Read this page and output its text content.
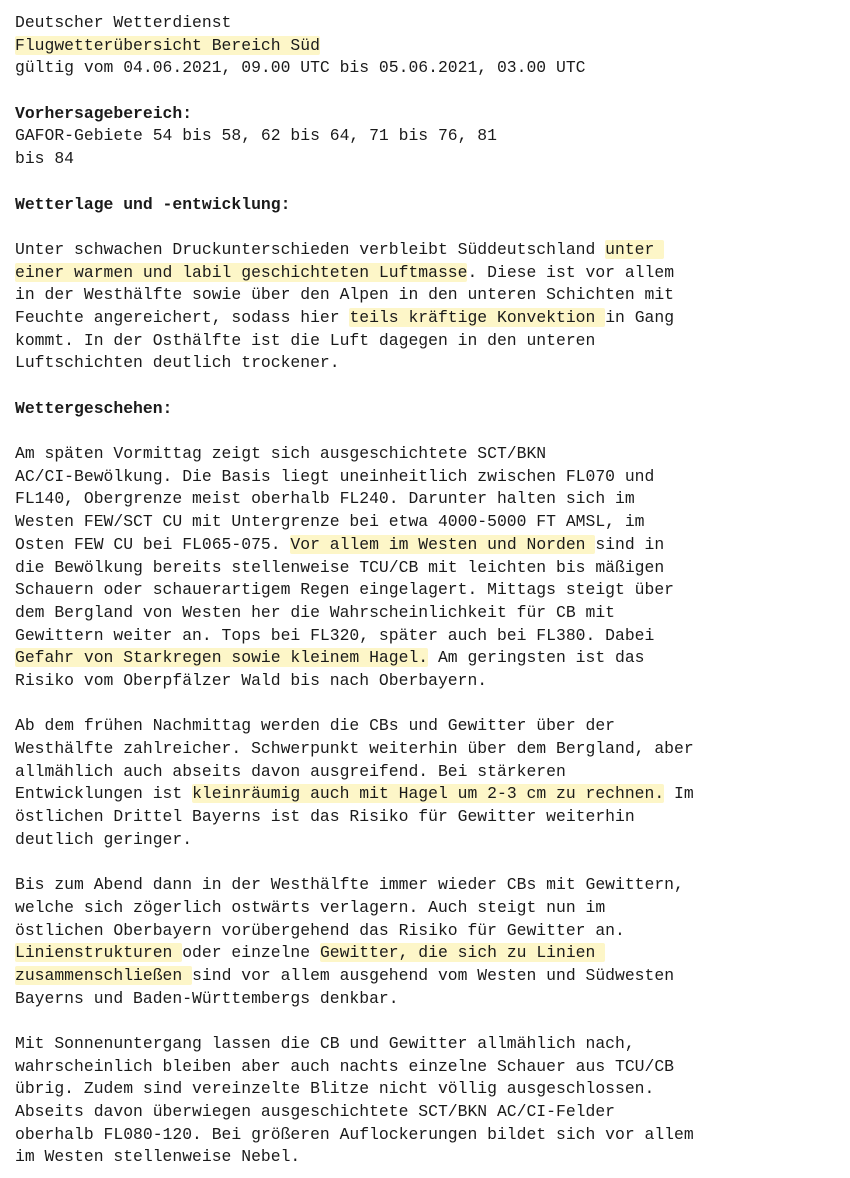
Deutscher Wetterdienst
Flugwetterübersicht Bereich Süd
gültig vom 04.06.2021, 09.00 UTC bis 05.06.2021, 03.00 UTC
Vorhersagebereich:
GAFOR-Gebiete 54 bis 58, 62 bis 64, 71 bis 76, 81
bis 84
Wetterlage und -entwicklung:
Unter schwachen Druckunterschieden verbleibt Süddeutschland unter
einer warmen und labil geschichteten Luftmasse. Diese ist vor allem
in der Westhälfte sowie über den Alpen in den unteren Schichten mit
Feuchte angereichert, sodass hier teils kräftige Konvektion in Gang
kommt. In der Osthälfte ist die Luft dagegen in den unteren
Luftschichten deutlich trockener.
Wettergeschehen:
Am späten Vormittag zeigt sich ausgeschichtete SCT/BKN
AC/CI-Bewölkung. Die Basis liegt uneinheitlich zwischen FL070 und
FL140, Obergrenze meist oberhalb FL240. Darunter halten sich im
Westen FEW/SCT CU mit Untergrenze bei etwa 4000-5000 FT AMSL, im
Osten FEW CU bei FL065-075. Vor allem im Westen und Norden sind in
die Bewölkung bereits stellenweise TCU/CB mit leichten bis mäßigen
Schauern oder schauerartigem Regen eingelagert. Mittags steigt über
dem Bergland von Westen her die Wahrscheinlichkeit für CB mit
Gewittern weiter an. Tops bei FL320, später auch bei FL380. Dabei
Gefahr von Starkregen sowie kleinem Hagel. Am geringsten ist das
Risiko vom Oberpfälzer Wald bis nach Oberbayern.
Ab dem frühen Nachmittag werden die CBs und Gewitter über der
Westhälfte zahlreicher. Schwerpunkt weiterhin über dem Bergland, aber
allmählich auch abseits davon ausgreifend. Bei stärkeren
Entwicklungen ist kleinräumig auch mit Hagel um 2-3 cm zu rechnen. Im
östlichen Drittel Bayerns ist das Risiko für Gewitter weiterhin
deutlich geringer.
Bis zum Abend dann in der Westhälfte immer wieder CBs mit Gewittern,
welche sich zögerlich ostwärts verlagern. Auch steigt nun im
östlichen Oberbayern vorübergehend das Risiko für Gewitter an.
Linienstrukturen oder einzelne Gewitter, die sich zu Linien
zusammenschließen sind vor allem ausgehend vom Westen und Südwesten
Bayerns und Baden-Württembergs denkbar.
Mit Sonnenuntergang lassen die CB und Gewitter allmählich nach,
wahrscheinlich bleiben aber auch nachts einzelne Schauer aus TCU/CB
übrig. Zudem sind vereinzelte Blitze nicht völlig ausgeschlossen.
Abseits davon überwiegen ausgeschichtete SCT/BKN AC/CI-Felder
oberhalb FL080-120. Bei größeren Auflockerungen bildet sich vor allem
im Westen stellenweise Nebel.
